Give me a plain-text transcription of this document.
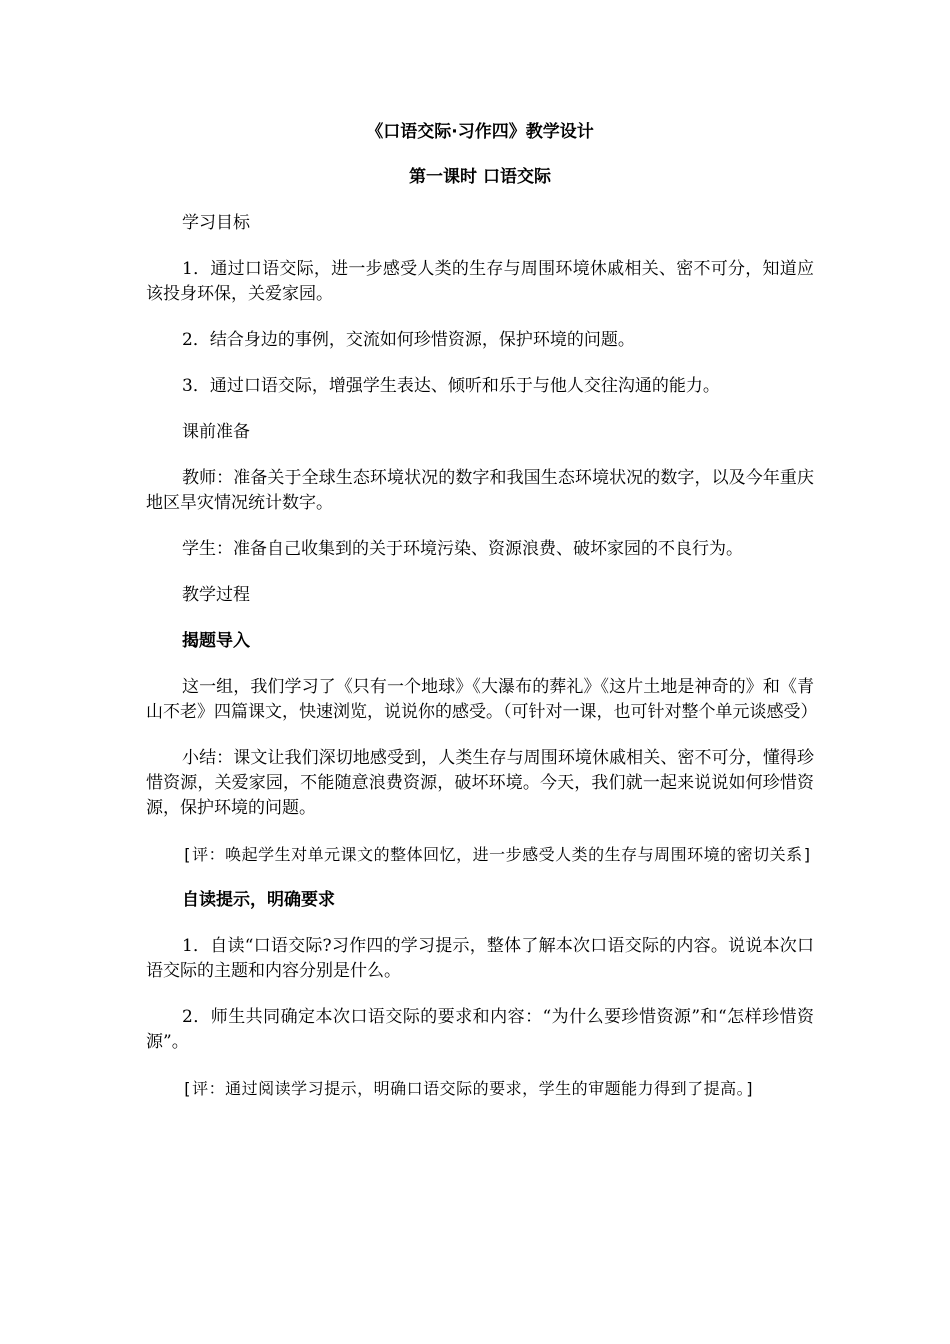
《口语交际·习作四》教学设计
第一课时 口语交际

学习目标

1．通过口语交际，进一步感受人类的生存与周围环境休戚相关、密不可分，知道应该投身环保，关爱家园。

2．结合身边的事例，交流如何珍惜资源，保护环境的问题。

3．通过口语交际，增强学生表达、倾听和乐于与他人交往沟通的能力。

课前准备

教师：准备关于全球生态环境状况的数字和我国生态环境状况的数字，以及今年重庆地区旱灾情况统计数字。

学生：准备自己收集到的关于环境污染、资源浪费、破坏家园的不良行为。

教学过程

揭题导入

这一组，我们学习了《只有一个地球》《大瀑布的葬礼》《这片土地是神奇的》和《青山不老》四篇课文，快速浏览，说说你的感受。（可针对一课，也可针对整个单元谈感受）

小结：课文让我们深切地感受到，人类生存与周围环境休戚相关、密不可分，懂得珍惜资源，关爱家园，不能随意浪费资源，破坏环境。今天，我们就一起来说说如何珍惜资源，保护环境的问题。

[评：唤起学生对单元课文的整体回忆，进一步感受人类的生存与周围环境的密切关系]

自读提示，明确要求

1．自读“口语交际?习作四的学习提示，整体了解本次口语交际的内容。说说本次口语交际的主题和内容分别是什么。

2．师生共同确定本次口语交际的要求和内容：“为什么要珍惜资源”和“怎样珍惜资源”。

[评：通过阅读学习提示，明确口语交际的要求，学生的审题能力得到了提高。]
